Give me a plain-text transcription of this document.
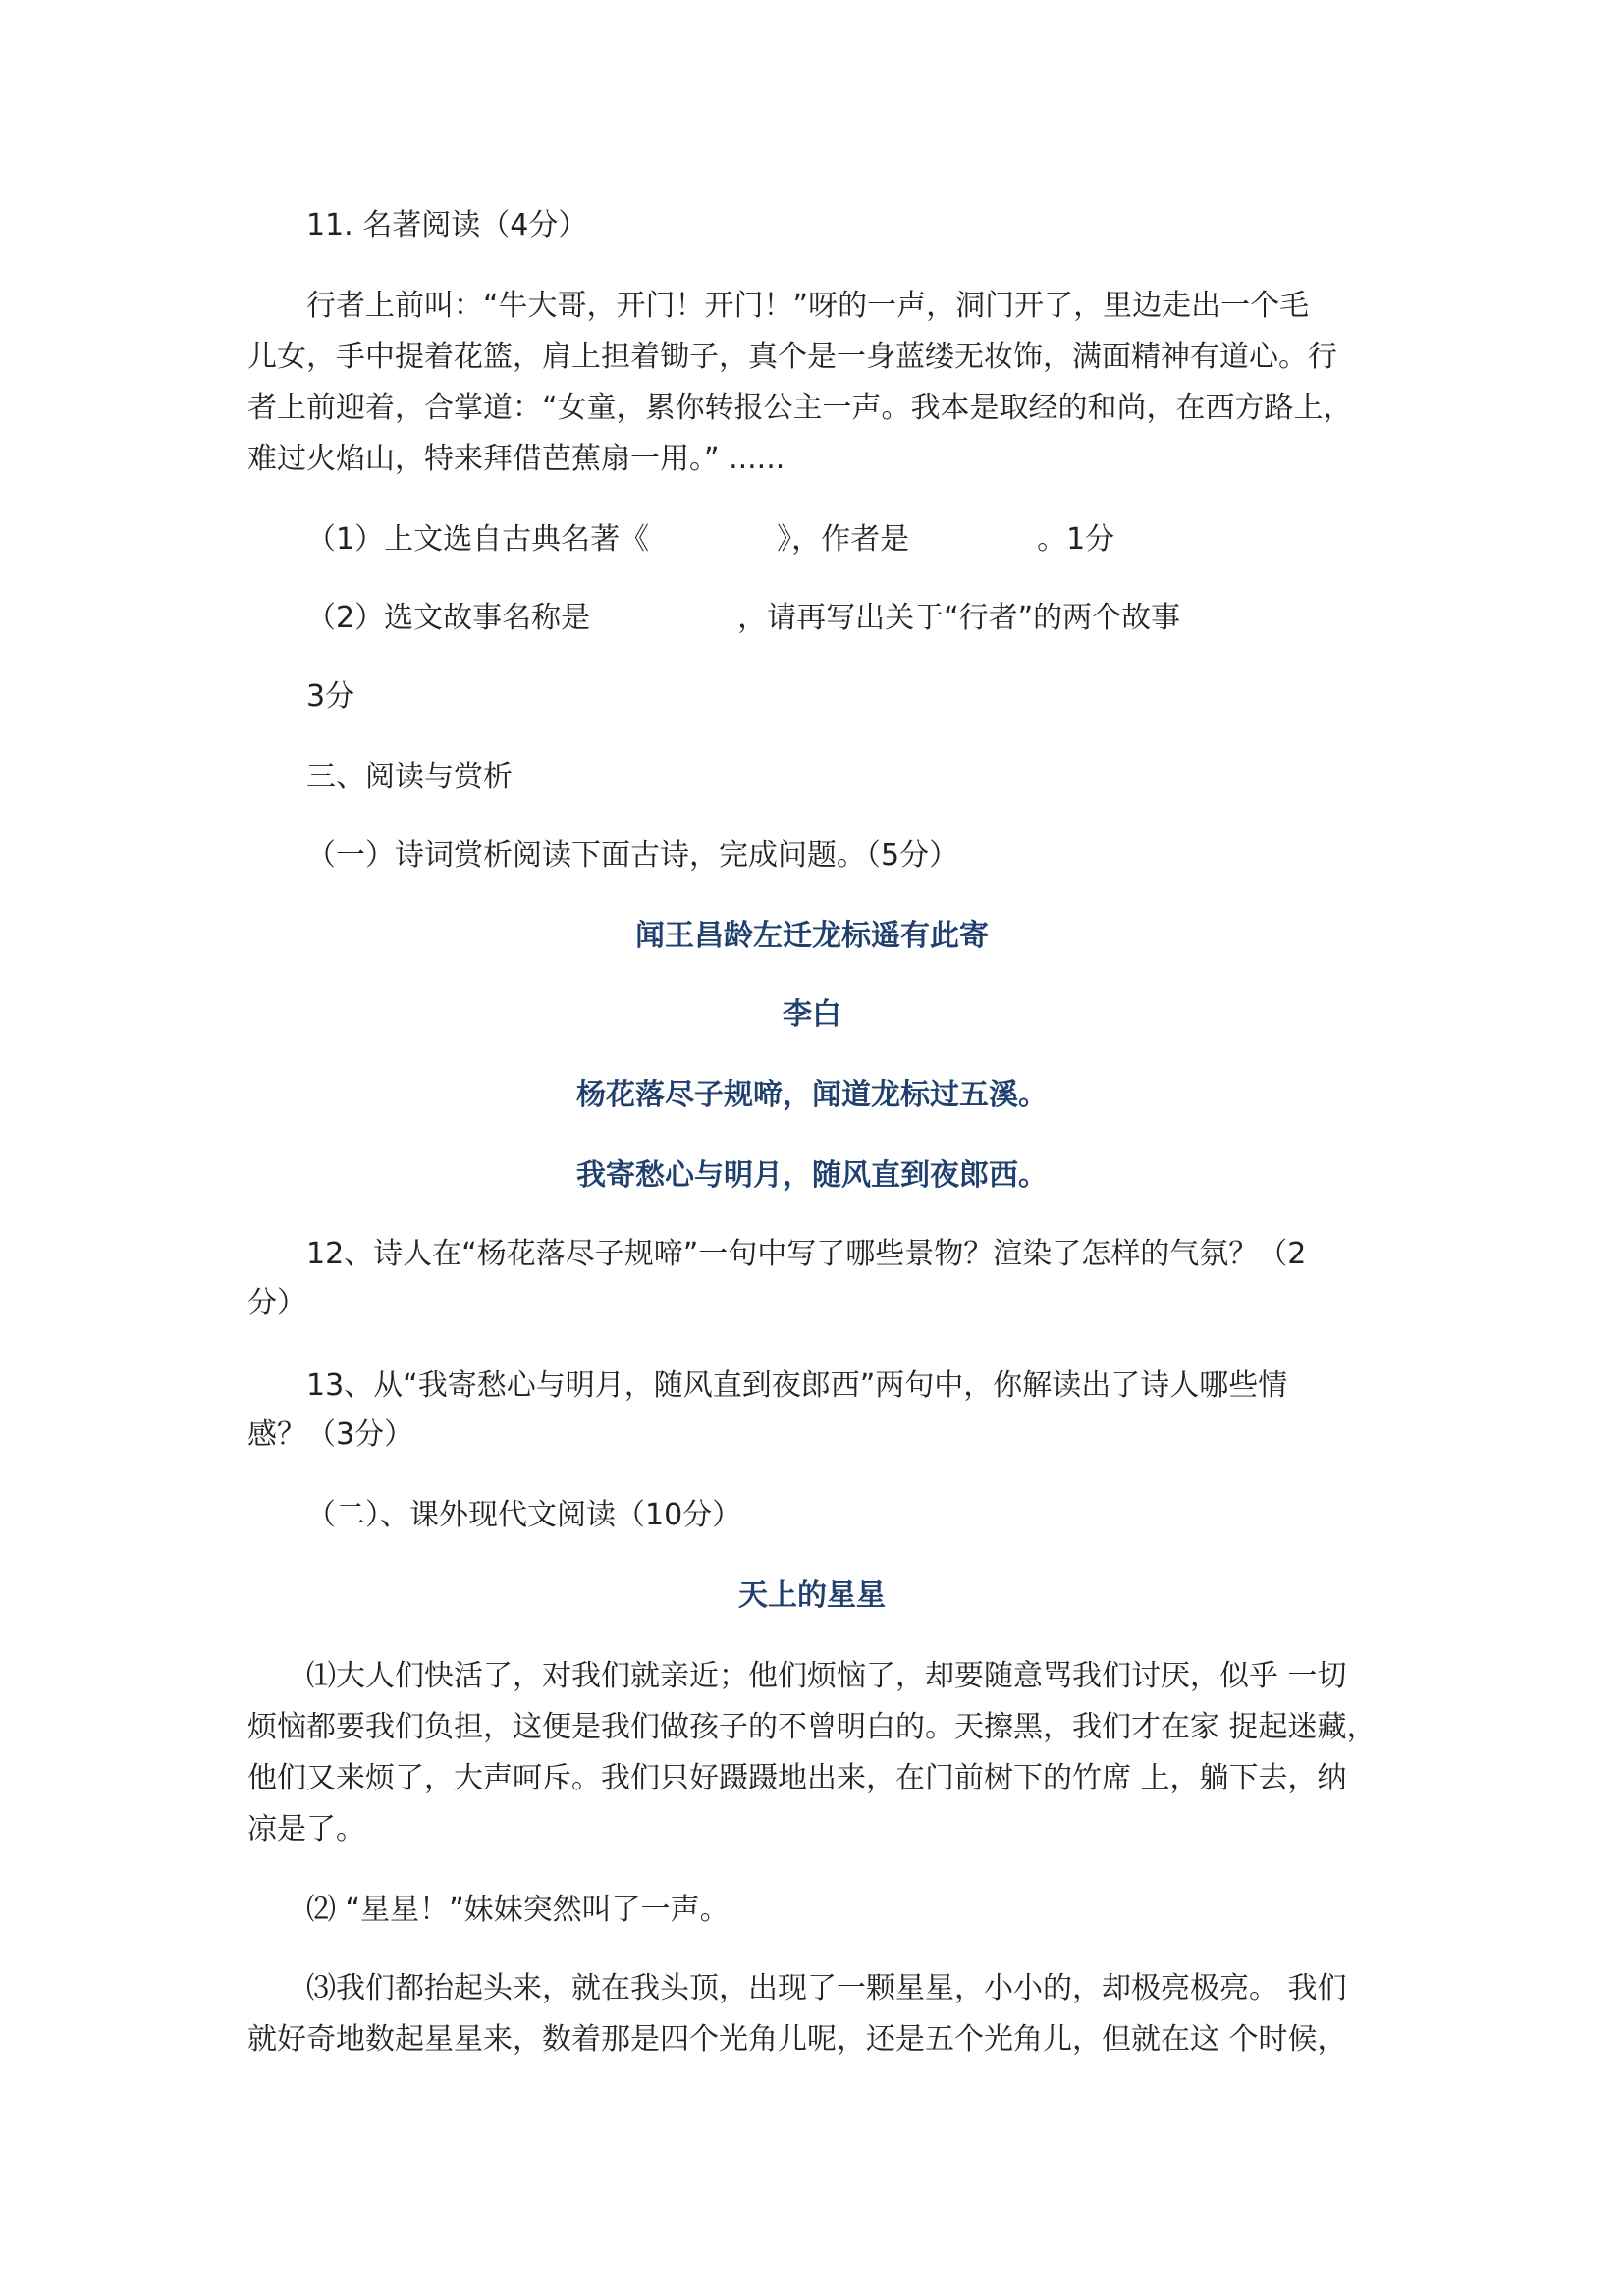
11. 名著阅读（4分）
行者上前叫：“牛大哥，开门！开门！”呀的一声，洞门开了，里边走出一个毛
儿女，手中提着花篮，肩上担着锄子，真个是一身蓝缕无妆饰，满面精神有道心。行
者上前迎着，合掌道：“女童，累你转报公主一声。我本是取经的和尚，在西方路上，
难过火焰山，特来拜借芭蕉扇一用。” ......
（1）上文选自古典名著《	》，作者是	。1分
（2）选文故事名称是	，请再写出关于“行者”的两个故事
3分
三、阅读与赏析
（一）诗词赏析阅读下面古诗，完成问题。（5分）
闻王昌龄左迁龙标遥有此寄
李白
杨花落尽子规啼，闻道龙标过五溪。
我寄愁心与明月，随风直到夜郎西。
12、诗人在“杨花落尽子规啼”一句中写了哪些景物？渲染了怎样的气氛？（2
分）
13、从“我寄愁心与明月，随风直到夜郎西”两句中，你解读出了诗人哪些情
感？（3分）
（二）、课外现代文阅读（10分）
天上的星星
⑴大人们快活了，对我们就亲近；他们烦恼了，却要随意骂我们讨厌，似乎 一切
烦恼都要我们负担，这便是我们做孩子的不曾明白的。天擦黑，我们才在家 捉起迷藏，
他们又来烦了，大声呵斥。我们只好蹑蹑地出来，在门前树下的竹席 上，躺下去，纳
凉是了。
⑵ “星星！”妹妹突然叫了一声。
⑶我们都抬起头来，就在我头顶，出现了一颗星星，小小的，却极亮极亮。 我们
就好奇地数起星星来，数着那是四个光角儿呢，还是五个光角儿，但就在这 个时候，
